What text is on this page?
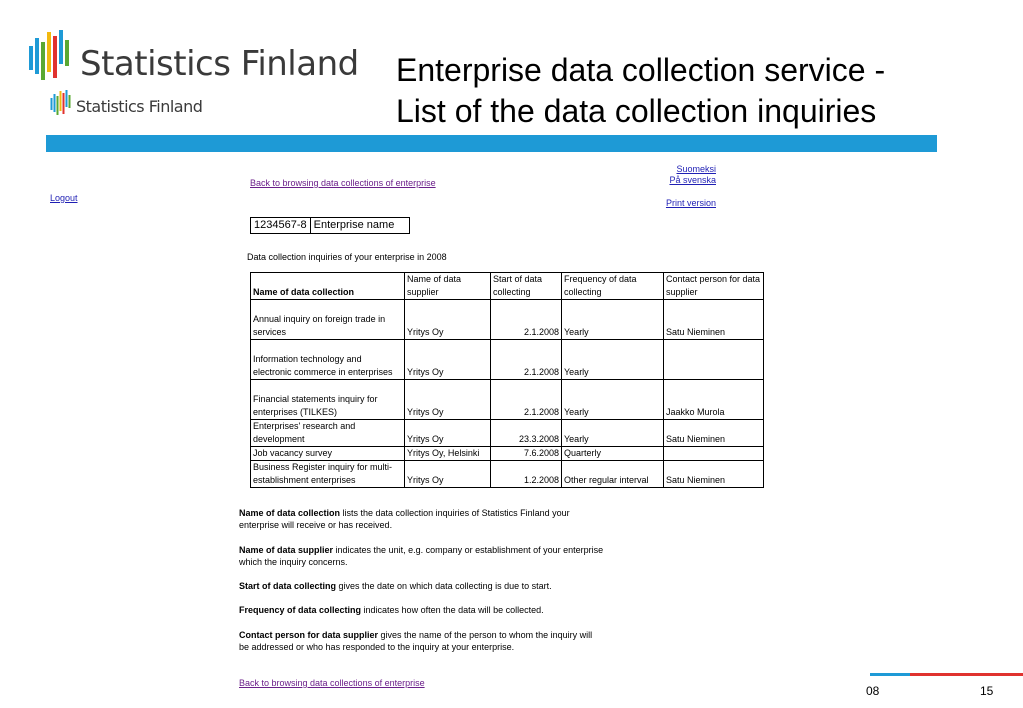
Statistics Finland
Statistics Finland
Enterprise data collection service -
List of the data collection inquiries
Back to browsing data collections of enterprise
Logout
Suomeksi
På svenska
Print version
1234567-8 Enterprise name
Data collection inquiries of your enterprise in 2008
Name of data collection	Name of data supplier	Start of data collecting	Frequency of data collecting	Contact person for data supplier
Annual inquiry on foreign trade in services	Yritys Oy	2.1.2008	Yearly	Satu Nieminen
Information technology and electronic commerce in enterprises	Yritys Oy	2.1.2008	Yearly	
Financial statements inquiry for enterprises (TILKES)	Yritys Oy	2.1.2008	Yearly	Jaakko Murola
Enterprises' research and development	Yritys Oy	23.3.2008	Yearly	Satu Nieminen
Job vacancy survey	Yritys Oy, Helsinki	7.6.2008	Quarterly	
Business Register inquiry for multi-establishment enterprises	Yritys Oy	1.2.2008	Other regular interval	Satu Nieminen
Name of data collection lists the data collection inquiries of Statistics Finland your enterprise will receive or has received.
Name of data supplier indicates the unit, e.g. company or establishment of your enterprise which the inquiry concerns.
Start of data collecting gives the date on which data collecting is due to start.
Frequency of data collecting indicates how often the data will be collected.
Contact person for data supplier gives the name of the person to whom the inquiry will be addressed or who has responded to the inquiry at your enterprise.
Back to browsing data collections of enterprise
08	15
